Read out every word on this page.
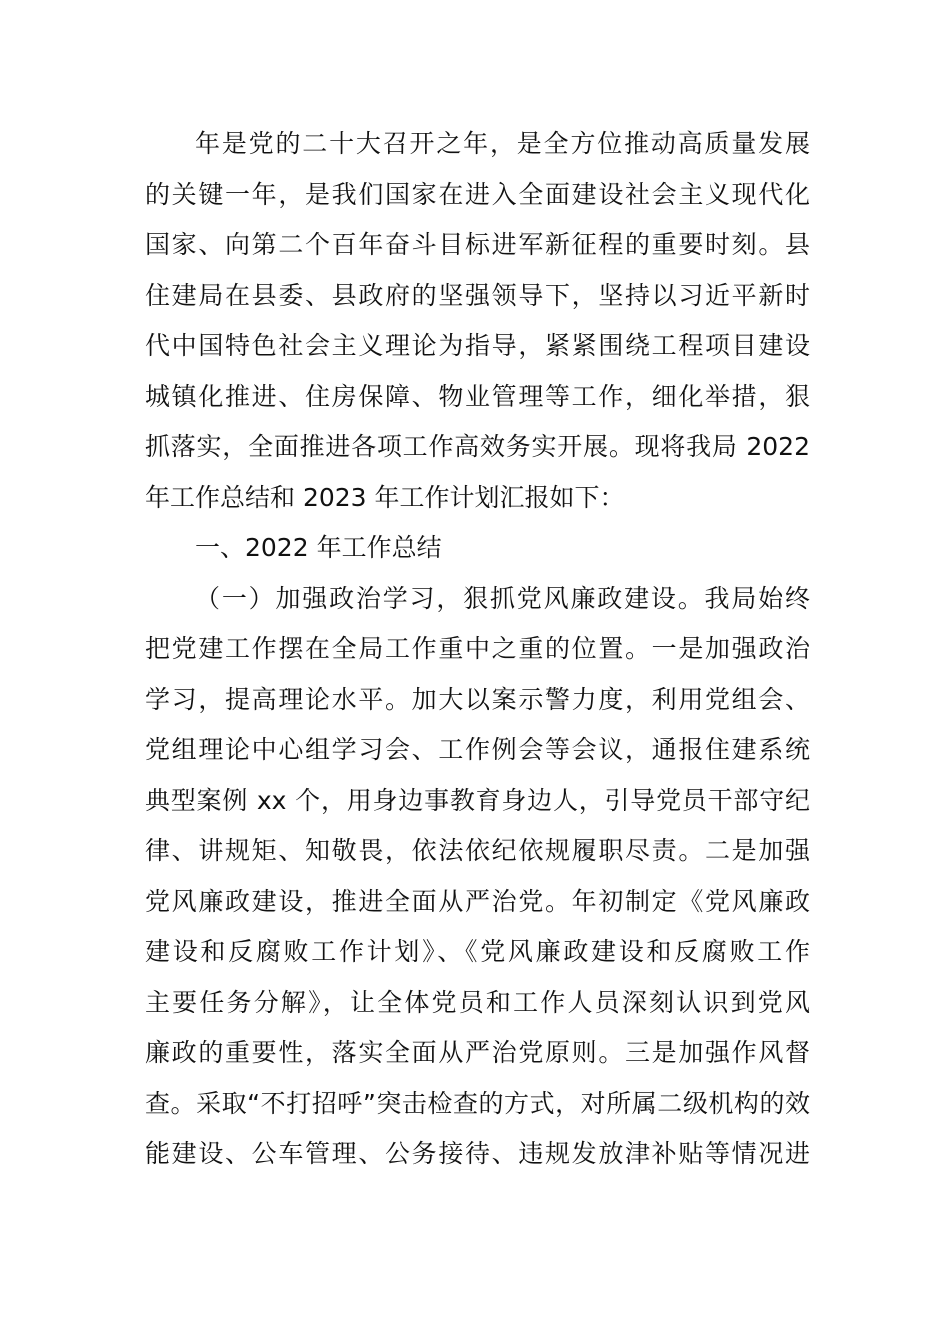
年是党的二十大召开之年，是全方位推动高质量发展
的关键一年，是我们国家在进入全面建设社会主义现代化
国家、向第二个百年奋斗目标进军新征程的重要时刻。县
住建局在县委、县政府的坚强领导下，坚持以习近平新时
代中国特色社会主义理论为指导，紧紧围绕工程项目建设
城镇化推进、住房保障、物业管理等工作，细化举措，狠
抓落实，全面推进各项工作高效务实开展。现将我局 2022
年工作总结和 2023 年工作计划汇报如下：
一、2022 年工作总结
（一）加强政治学习，狠抓党风廉政建设。我局始终
把党建工作摆在全局工作重中之重的位置。一是加强政治
学习，提高理论水平。加大以案示警力度，利用党组会、
党组理论中心组学习会、工作例会等会议，通报住建系统
典型案例 xx 个，用身边事教育身边人，引导党员干部守纪
律、讲规矩、知敬畏，依法依纪依规履职尽责。二是加强
党风廉政建设，推进全面从严治党。年初制定《党风廉政
建设和反腐败工作计划》、《党风廉政建设和反腐败工作
主要任务分解》，让全体党员和工作人员深刻认识到党风
廉政的重要性，落实全面从严治党原则。三是加强作风督
查。采取“不打招呼”突击检查的方式，对所属二级机构的效
能建设、公车管理、公务接待、违规发放津补贴等情况进
